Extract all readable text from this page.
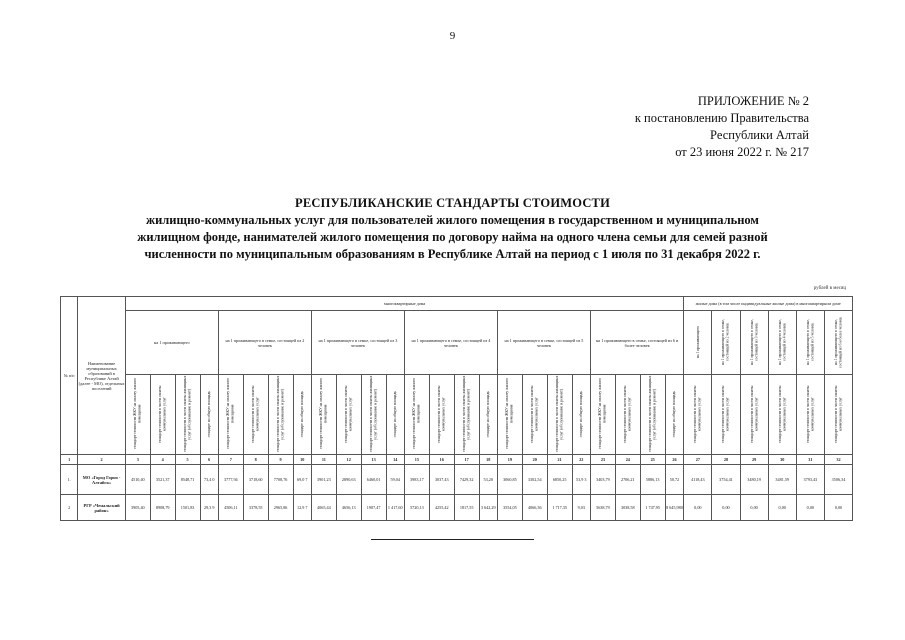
9
ПРИЛОЖЕНИЕ № 2
к постановлению Правительства
Республики Алтай
от 23 июня 2022 г. № 217
РЕСПУБЛИКАНСКИЕ СТАНДАРТЫ СТОИМОСТИ
жилищно-коммунальных услуг для пользователей жилого помещения в государственном и муниципальном
жилищном фонде, нанимателей жилого помещения по договору найма на одного члена семьи для семей разной
численности по муниципальным образованиям в Республике Алтай на период с 1 июля по 31 декабря 2022 г.
рублей в месяц
№ п/п	Наименование муниципальных образований в Республике Алтай (далее - МО), отдельных поселений	многоквартирные дома																								жилые дома (в том числе индивидуальные жилые дома) в многоквартирном доме					
		на 1 проживающего				на 1 проживающего в семье, состоящей из 2 человек				на 1 проживающего в семье, состоящей из 3 человек				на 1 проживающего в семье, состоящей из 4 человек				на 1 проживающего в семье, состоящей из 5 человек				на 1 проживающего в семье, состоящей из 6 и более человек				на 1 проживающего	на 1 проживающего в семье, состоящей из 2 человек	на 1 проживающего в семье, состоящей из 3 человек	на 1 проживающего в семье, состоящей из 4 человек	на 1 проживающего в семье, состоящей из 5 человек	на 1 проживающего в семье, состоящей из 6 и более человек
		стандарт стоимости ЖКУ на оплату жилого помещения	стандарт стоимости в части оплаты коммунальных услуг	стандарт стоимости в части оплаты жилищных услуг (обслуживание и ремонт)	стандарт на общую площадь	стандарт стоимости ЖКУ на оплату жилого помещения	стандарт стоимости в части оплаты коммунальных услуг	стандарт стоимости в части оплаты жилищных услуг (обслуживание и ремонт)	стандарт на общую площадь	стандарт стоимости ЖКУ на оплату жилого помещения	стандарт стоимости в части оплаты коммунальных услуг	стандарт стоимости в части оплаты жилищных услуг (обслуживание и ремонт)	стандарт на общую площадь	стандарт стоимости ЖКУ на оплату жилого помещения	стандарт стоимости в части оплаты коммунальных услуг	стандарт стоимости в части оплаты жилищных услуг (обслуживание и ремонт)	стандарт на общую площадь	стандарт стоимости ЖКУ на оплату жилого помещения	стандарт стоимости в части оплаты коммунальных услуг	стандарт стоимости в части оплаты жилищных услуг (обслуживание и ремонт)	стандарт на общую площадь	стандарт стоимости ЖКУ на оплату жилого помещения	стандарт стоимости в части оплаты коммунальных услуг	стандарт стоимости в части оплаты жилищных услуг (обслуживание и ремонт)	стандарт на общую площадь	стандарт стоимости в части оплаты коммунальных услуг	стандарт стоимости в части оплаты коммунальных услуг	стандарт стоимости в части оплаты коммунальных услуг	стандарт стоимости в части оплаты коммунальных услуг	стандарт стоимости в части оплаты коммунальных услуг	стандарт стоимости в части оплаты коммунальных услуг
1	2	3	4	5	6	7	8	9	10	11	12	13	14	15	16	17	18	19	20	21	22	23	24	25	26	27	28	29	30	31	32
1.	МО «Город Горно - Алтайск»	4510,40	3521,37	8548,71	73,4 0	3777,94	3718,60	7708,76	69,0 7	3901,23	2890,63	6460,01	59,04	3983,17	3037,43	7429,32	53,20	3060,85	3302,54	6850,25	53,9 3	3403,79	2706,21	5886,13	50,72	4118,43	3754,41	3480,19	3481,59	3793,43	3506,34
2	РГР «Чемальский район»	3905,40	8908,79	1501,83	29,3 9	4506,11	3378,55	2965,86	12,9 7	4065,44	4656,13	1907,47	1 417,60	5720,13	4255,42	1817,55	3 642,29	3554,05	4066,36	1 717,35	9,03	5638,79	3038,58	1 747,95	8 645,980	0,00	0,00	0,00	0,00	0,00	0,00
